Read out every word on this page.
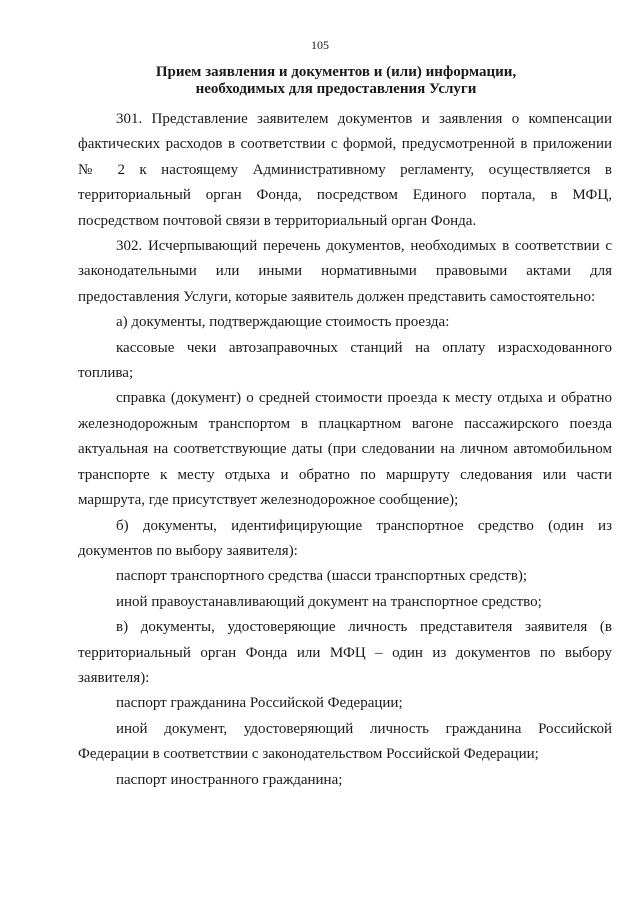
105
Прием заявления и документов и (или) информации,
необходимых для предоставления Услуги

301. Представление заявителем документов и заявления о компенсации фактических расходов в соответствии с формой, предусмотренной в приложении № 2 к настоящему Административному регламенту, осуществляется в территориальный орган Фонда, посредством Единого портала, в МФЦ, посредством почтовой связи в территориальный орган Фонда.

302. Исчерпывающий перечень документов, необходимых в соответствии с законодательными или иными нормативными правовыми актами для предоставления Услуги, которые заявитель должен представить самостоятельно:

а) документы, подтверждающие стоимость проезда:

кассовые чеки автозаправочных станций на оплату израсходованного топлива;

справка (документ) о средней стоимости проезда к месту отдыха и обратно железнодорожным транспортом в плацкартном вагоне пассажирского поезда актуальная на соответствующие даты (при следовании на личном автомобильном транспорте к месту отдыха и обратно по маршруту следования или части маршрута, где присутствует железнодорожное сообщение);

б) документы, идентифицирующие транспортное средство (один из документов по выбору заявителя):

паспорт транспортного средства (шасси транспортных средств);

иной правоустанавливающий документ на транспортное средство;

в) документы, удостоверяющие личность представителя заявителя (в территориальный орган Фонда или МФЦ – один из документов по выбору заявителя):

паспорт гражданина Российской Федерации;

иной документ, удостоверяющий личность гражданина Российской Федерации в соответствии с законодательством Российской Федерации;

паспорт иностранного гражданина;
